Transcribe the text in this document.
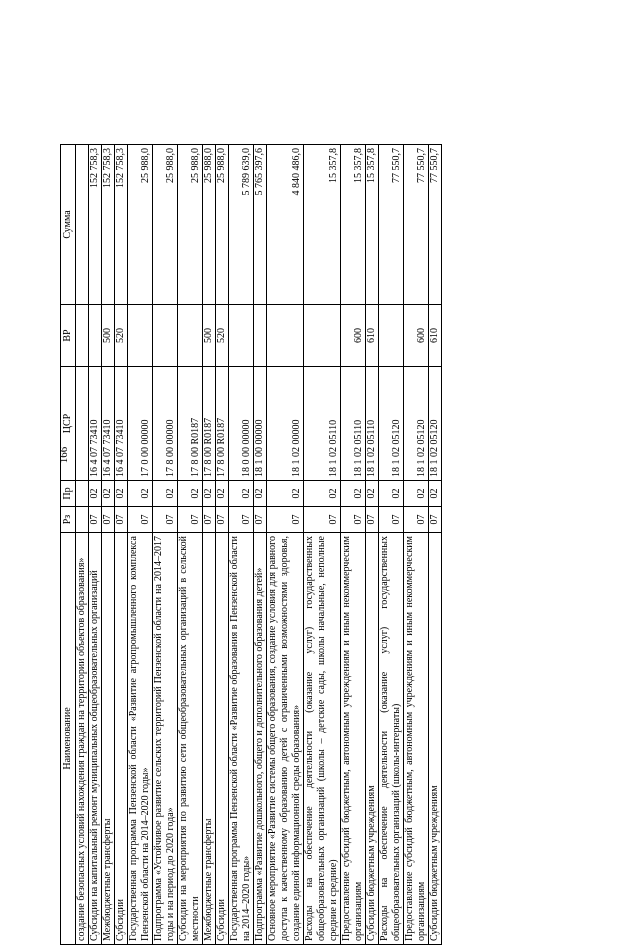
166
Наименование	Рз	Пр	ЦСР	ВР	Сумма
создание безопасных условий нахождения граждан на территории объектов образования»					
Субсидии на капитальный ремонт муниципальных общеобразовательных организаций	07	02	16 4 07 73410		152 758,3
Межбюджетные трансферты	07	02	16 4 07 73410	500	152 758,3
Субсидии	07	02	16 4 07 73410	520	152 758,3
Государственная программа Пензенской области «Развитие агропромышленного комплекса Пензенской области на 2014–2020 годы»	07	02	17 0 00 00000		25 988,0
Подпрограмма «Устойчивое развитие сельских территорий Пензенской области на 2014–2017 годы и на период до 2020 года»	07	02	17 8 00 00000		25 988,0
Субсидии на мероприятия по развитию сети общеобразовательных организаций в сельской местности	07	02	17 8 00 R0187		25 988,0
Межбюджетные трансферты	07	02	17 8 00 R0187	500	25 988,0
Субсидии	07	02	17 8 00 R0187	520	25 988,0
Государственная программа Пензенской области «Развитие образования в Пензенской области на 2014–2020 годы»	07	02	18 0 00 00000		5 789 639,0
Подпрограмма «Развитие дошкольного, общего и дополнительного образования детей»	07	02	18 1 00 00000		5 765 397,6
Основное мероприятие «Развитие системы общего образования, создание условия для равного доступа к качественному образованию детей с ограниченными возможностями здоровья, создание единой информационной среды образования»	07	02	18 1 02 00000		4 840 486,0
Расходы на обеспечение деятельности (оказание услуг) государственных общеобразовательных организаций (школы – детские сады, школы начальные, неполные средние и средние)	07	02	18 1 02 05110		15 357,8
Предоставление субсидий бюджетным, автономным учреждениям и иным некоммерческим организациям	07	02	18 1 02 05110	600	15 357,8
Субсидии бюджетным учреждениям	07	02	18 1 02 05110	610	15 357,8
Расходы на обеспечение деятельности (оказание услуг) государственных общеобразовательных организаций (школы-интернаты)	07	02	18 1 02 05120		77 550,7
Предоставление субсидий бюджетным, автономным учреждениям и иным некоммерческим организациям	07	02	18 1 02 05120	600	77 550,7
Субсидии бюджетным учреждениям	07	02	18 1 02 05120	610	77 550,7
